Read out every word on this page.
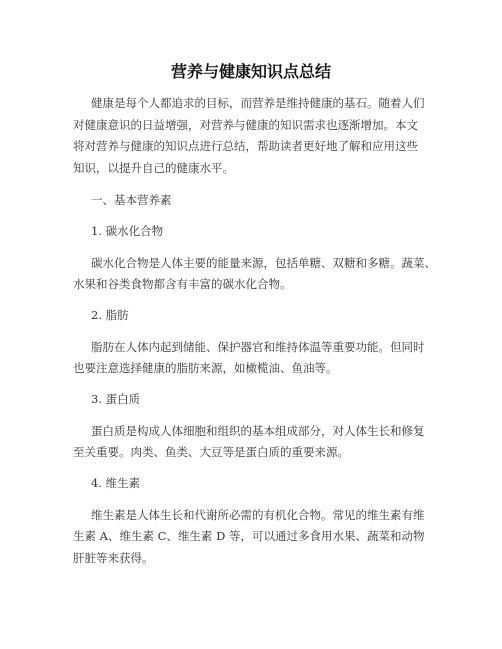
营养与健康知识点总结
健康是每个人都追求的目标，而营养是维持健康的基石。随着人们
对健康意识的日益增强，对营养与健康的知识需求也逐渐增加。本文
将对营养与健康的知识点进行总结，帮助读者更好地了解和应用这些
知识，以提升自己的健康水平。
一、基本营养素
1. 碳水化合物
碳水化合物是人体主要的能量来源，包括单糖、双糖和多糖。蔬菜、
水果和谷类食物都含有丰富的碳水化合物。
2. 脂肪
脂肪在人体内起到储能、保护器官和维持体温等重要功能。但同时
也要注意选择健康的脂肪来源，如橄榄油、鱼油等。
3. 蛋白质
蛋白质是构成人体细胞和组织的基本组成部分，对人体生长和修复
至关重要。肉类、鱼类、大豆等是蛋白质的重要来源。
4. 维生素
维生素是人体生长和代谢所必需的有机化合物。常见的维生素有维
生素 A、维生素 C、维生素 D 等，可以通过多食用水果、蔬菜和动物
肝脏等来获得。
